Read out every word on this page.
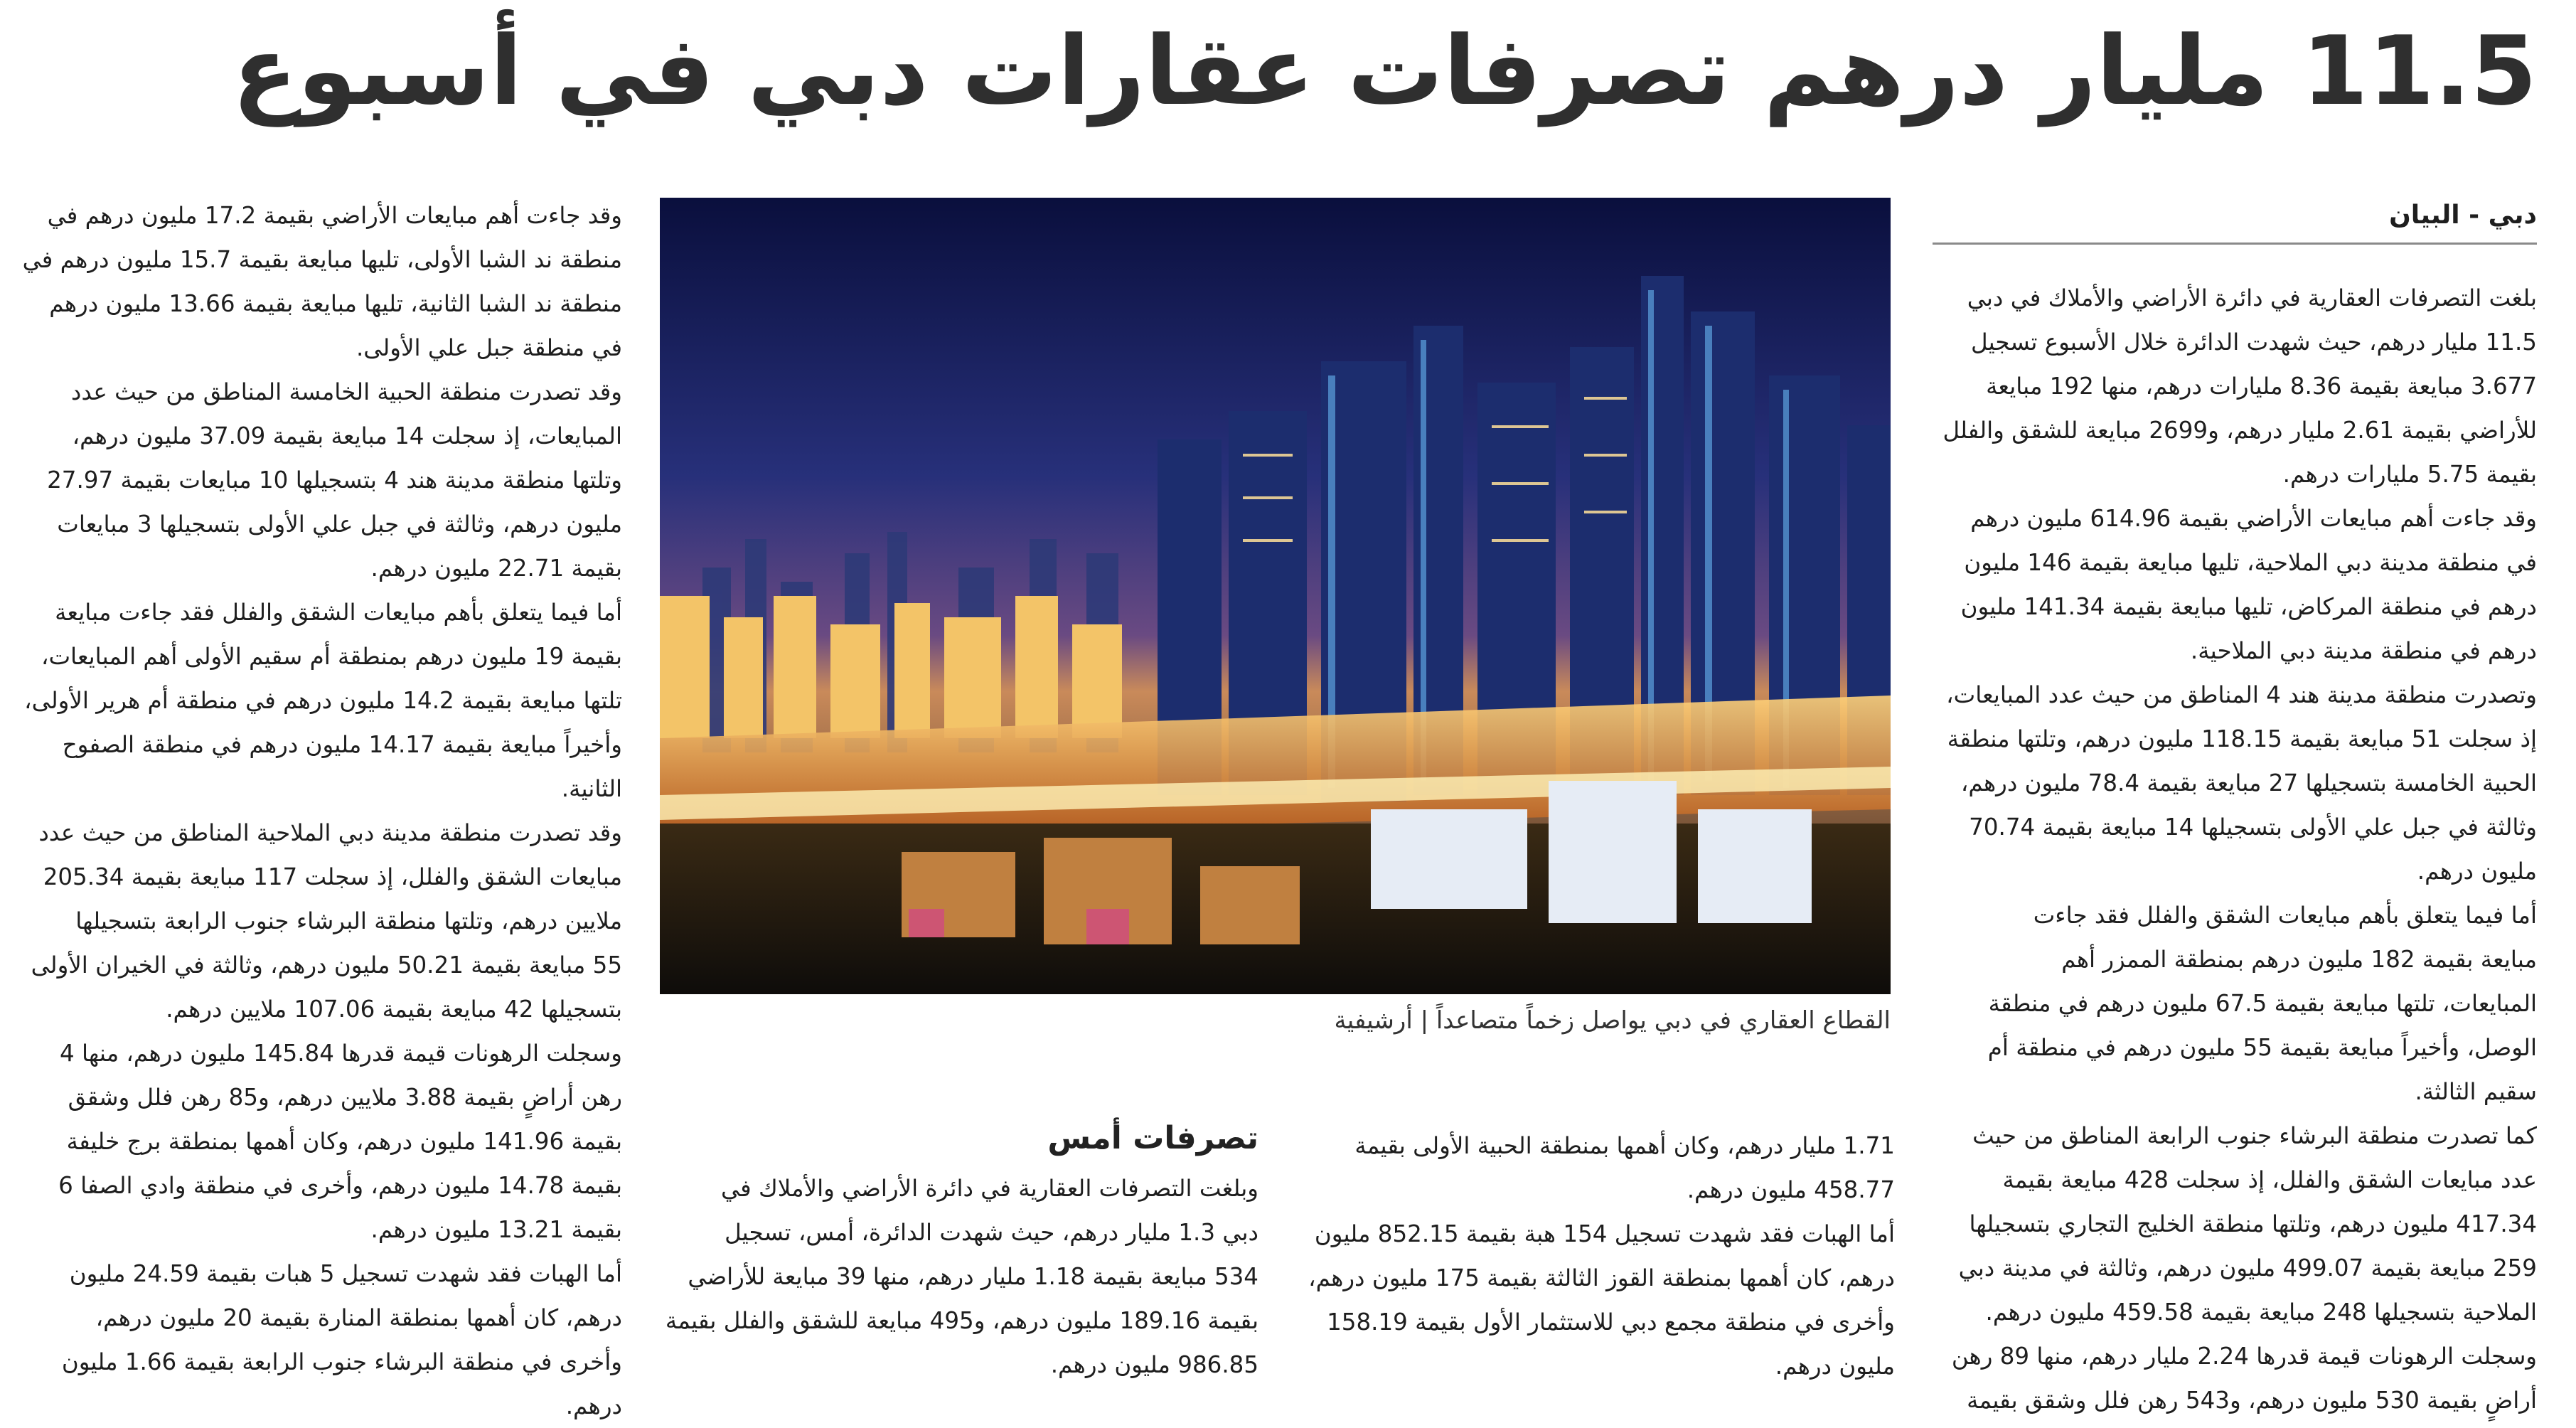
11.5 مليار درهم تصرفات عقارات دبي في أسبوع
دبي - البيان

بلغت التصرفات العقارية في دائرة الأراضي والأملاك في دبي

11.5 مليار درهم، حيث شهدت الدائرة خلال الأسبوع تسجيل

3.677 مبايعة بقيمة 8.36 مليارات درهم، منها 192 مبايعة

للأراضي بقيمة 2.61 مليار درهم، و2699 مبايعة للشقق والفلل

بقيمة 5.75 مليارات درهم.

وقد جاءت أهم مبايعات الأراضي بقيمة 614.96 مليون درهم

في منطقة مدينة دبي الملاحية، تليها مبايعة بقيمة 146 مليون

درهم في منطقة المركاض، تليها مبايعة بقيمة 141.34 مليون

درهم في منطقة مدينة دبي الملاحية.

وتصدرت منطقة مدينة هند 4 المناطق من حيث عدد المبايعات،

إذ سجلت 51 مبايعة بقيمة 118.15 مليون درهم، وتلتها منطقة

الحبية الخامسة بتسجيلها 27 مبايعة بقيمة 78.4 مليون درهم،

وثالثة في جبل علي الأولى بتسجيلها 14 مبايعة بقيمة 70.74

مليون درهم.

أما فيما يتعلق بأهم مبايعات الشقق والفلل فقد جاءت

مبايعة بقيمة 182 مليون درهم بمنطقة الممزر أهم

المبايعات، تلتها مبايعة بقيمة 67.5 مليون درهم في منطقة

الوصل، وأخيراً مبايعة بقيمة 55 مليون درهم في منطقة أم

سقيم الثالثة.

كما تصدرت منطقة البرشاء جنوب الرابعة المناطق من حيث

عدد مبايعات الشقق والفلل، إذ سجلت 428 مبايعة بقيمة

417.34 مليون درهم، وتلتها منطقة الخليج التجاري بتسجيلها

259 مبايعة بقيمة 499.07 مليون درهم، وثالثة في مدينة دبي

الملاحية بتسجيلها 248 مبايعة بقيمة 459.58 مليون درهم.

وسجلت الرهونات قيمة قدرها 2.24 مليار درهم، منها 89 رهن

أراضٍ بقيمة 530 مليون درهم، و543 رهن فلل وشقق بقيمة

القطاع العقاري في دبي يواصل زخماً متصاعداً | أرشيفية
تصرفات أمس	1.71 مليار درهم، وكان أهمها بمنطقة الحبية الأولى بقيمة

458.77 مليون درهم.

أما الهبات فقد شهدت تسجيل 154 هبة بقيمة 852.15 مليون

درهم، كان أهمها بمنطقة القوز الثالثة بقيمة 175 مليون درهم،

وأخرى في منطقة مجمع دبي للاستثمار الأول بقيمة 158.19

مليون درهم.

وبلغت التصرفات العقارية في دائرة الأراضي والأملاك في

دبي 1.3 مليار درهم، حيث شهدت الدائرة، أمس، تسجيل

534 مبايعة بقيمة 1.18 مليار درهم، منها 39 مبايعة للأراضي

بقيمة 189.16 مليون درهم، و495 مبايعة للشقق والفلل بقيمة

986.85 مليون درهم.

وقد جاءت أهم مبايعات الأراضي بقيمة 17.2 مليون درهم في

منطقة ند الشبا الأولى، تليها مبايعة بقيمة 15.7 مليون درهم في

منطقة ند الشبا الثانية، تليها مبايعة بقيمة 13.66 مليون درهم

في منطقة جبل علي الأولى.

وقد تصدرت منطقة الحبية الخامسة المناطق من حيث عدد

المبايعات، إذ سجلت 14 مبايعة بقيمة 37.09 مليون درهم،

وتلتها منطقة مدينة هند 4 بتسجيلها 10 مبايعات بقيمة 27.97

مليون درهم، وثالثة في جبل علي الأولى بتسجيلها 3 مبايعات

بقيمة 22.71 مليون درهم.

أما فيما يتعلق بأهم مبايعات الشقق والفلل فقد جاءت مبايعة

بقيمة 19 مليون درهم بمنطقة أم سقيم الأولى أهم المبايعات،

تلتها مبايعة بقيمة 14.2 مليون درهم في منطقة أم هرير الأولى،

وأخيراً مبايعة بقيمة 14.17 مليون درهم في منطقة الصفوح

الثانية.

وقد تصدرت منطقة مدينة دبي الملاحية المناطق من حيث عدد

مبايعات الشقق والفلل، إذ سجلت 117 مبايعة بقيمة 205.34

ملايين درهم، وتلتها منطقة البرشاء جنوب الرابعة بتسجيلها

55 مبايعة بقيمة 50.21 مليون درهم، وثالثة في الخيران الأولى

بتسجيلها 42 مبايعة بقيمة 107.06 ملايين درهم.

وسجلت الرهونات قيمة قدرها 145.84 مليون درهم، منها 4

رهن أراضٍ بقيمة 3.88 ملايين درهم، و85 رهن فلل وشقق

بقيمة 141.96 مليون درهم، وكان أهمها بمنطقة برج خليفة

بقيمة 14.78 مليون درهم، وأخرى في منطقة وادي الصفا 6

بقيمة 13.21 مليون درهم.

أما الهبات فقد شهدت تسجيل 5 هبات بقيمة 24.59 مليون

درهم، كان أهمها بمنطقة المنارة بقيمة 20 مليون درهم،

وأخرى في منطقة البرشاء جنوب الرابعة بقيمة 1.66 مليون

درهم.
